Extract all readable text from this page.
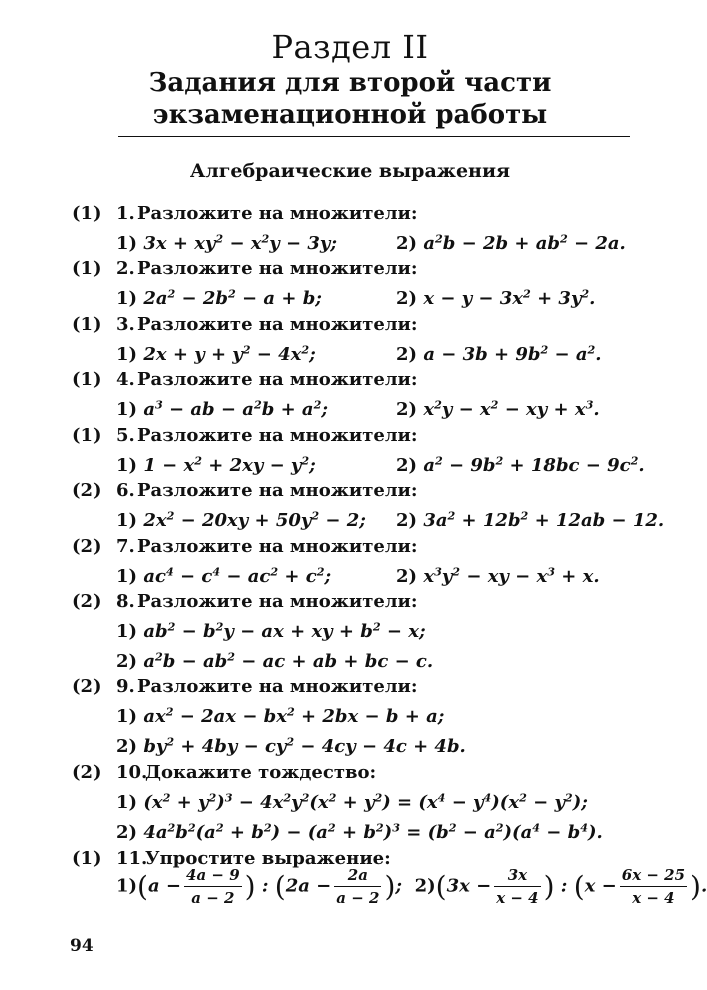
Раздел II
Задания для второй части
экзаменационной работы
Алгебраические выражения
(1) 1. Разложите на множители:
1) $3x + xy^2 - x^2y - 3y$;	2) $a^2b - 2b + ab^2 - 2a$.
(1) 2. Разложите на множители:
1) $2a^2 - 2b^2 - a + b$;	2) $x - y - 3x^2 + 3y^2$.
(1) 3. Разложите на множители:
1) $2x + y + y^2 - 4x^2$;	2) $a - 3b + 9b^2 - a^2$.
(1) 4. Разложите на множители:
1) $a^3$ − ab − $a^2b + a^2$;	2) $x^2y - x^2$ − xy + $x^3$.
(1) 5. Разложите на множители:
1) $1 - x^2 + 2xy - y^2$;	2) $a^2 - 9b^2 + 18bc - 9c^2$.
(2) 6. Разложите на множители:
1) $2x^2 - 20xy + 50y^2 - 2$; 2) $3a^2 + 12b^2 + 12ab - 12$.
(2) 7. Разложите на множители:
1) $ac^4 - c^4 - ac^2 + c^2$;	2) $x^3y^2$ − xy − $x^3 + x$.
(2) 8. Разложите на множители:
1) $ab^2 - b^2y$ − ax + xy + $b^2 - x$;
2) $a^2b - ab^2$ − ac + ab + bc − c.
(2) 9. Разложите на множители:
1) $ax^2 - 2ax - bx^2 + 2bx - b + a$;
2) $by^2 + 4by - cy^2 - 4cy - 4c + 4b$.
(2) 10.
Докажите тождество:
1) $(x^2 + y^2)^3 - 4x^2y^2(x^2 + y^2) = (x^4 - y^4)(x^2 - y^2)$;
2) $4a^2b^2(a^2 + b^2) - (a^2 + b^2)^3 = (b^2 - a^2)(a^4 - b^4)$.
(1) 11.
Упростите выражение:
$1)(a - \frac{4a - 9}{a - 2}$ ) : ($2a - \frac{2a}{a - 2}$ );  $2)(3x - \frac{3x}{x - 4}$ ) : ($x - \frac{6x - 25}{x - 4}$ ).
94
